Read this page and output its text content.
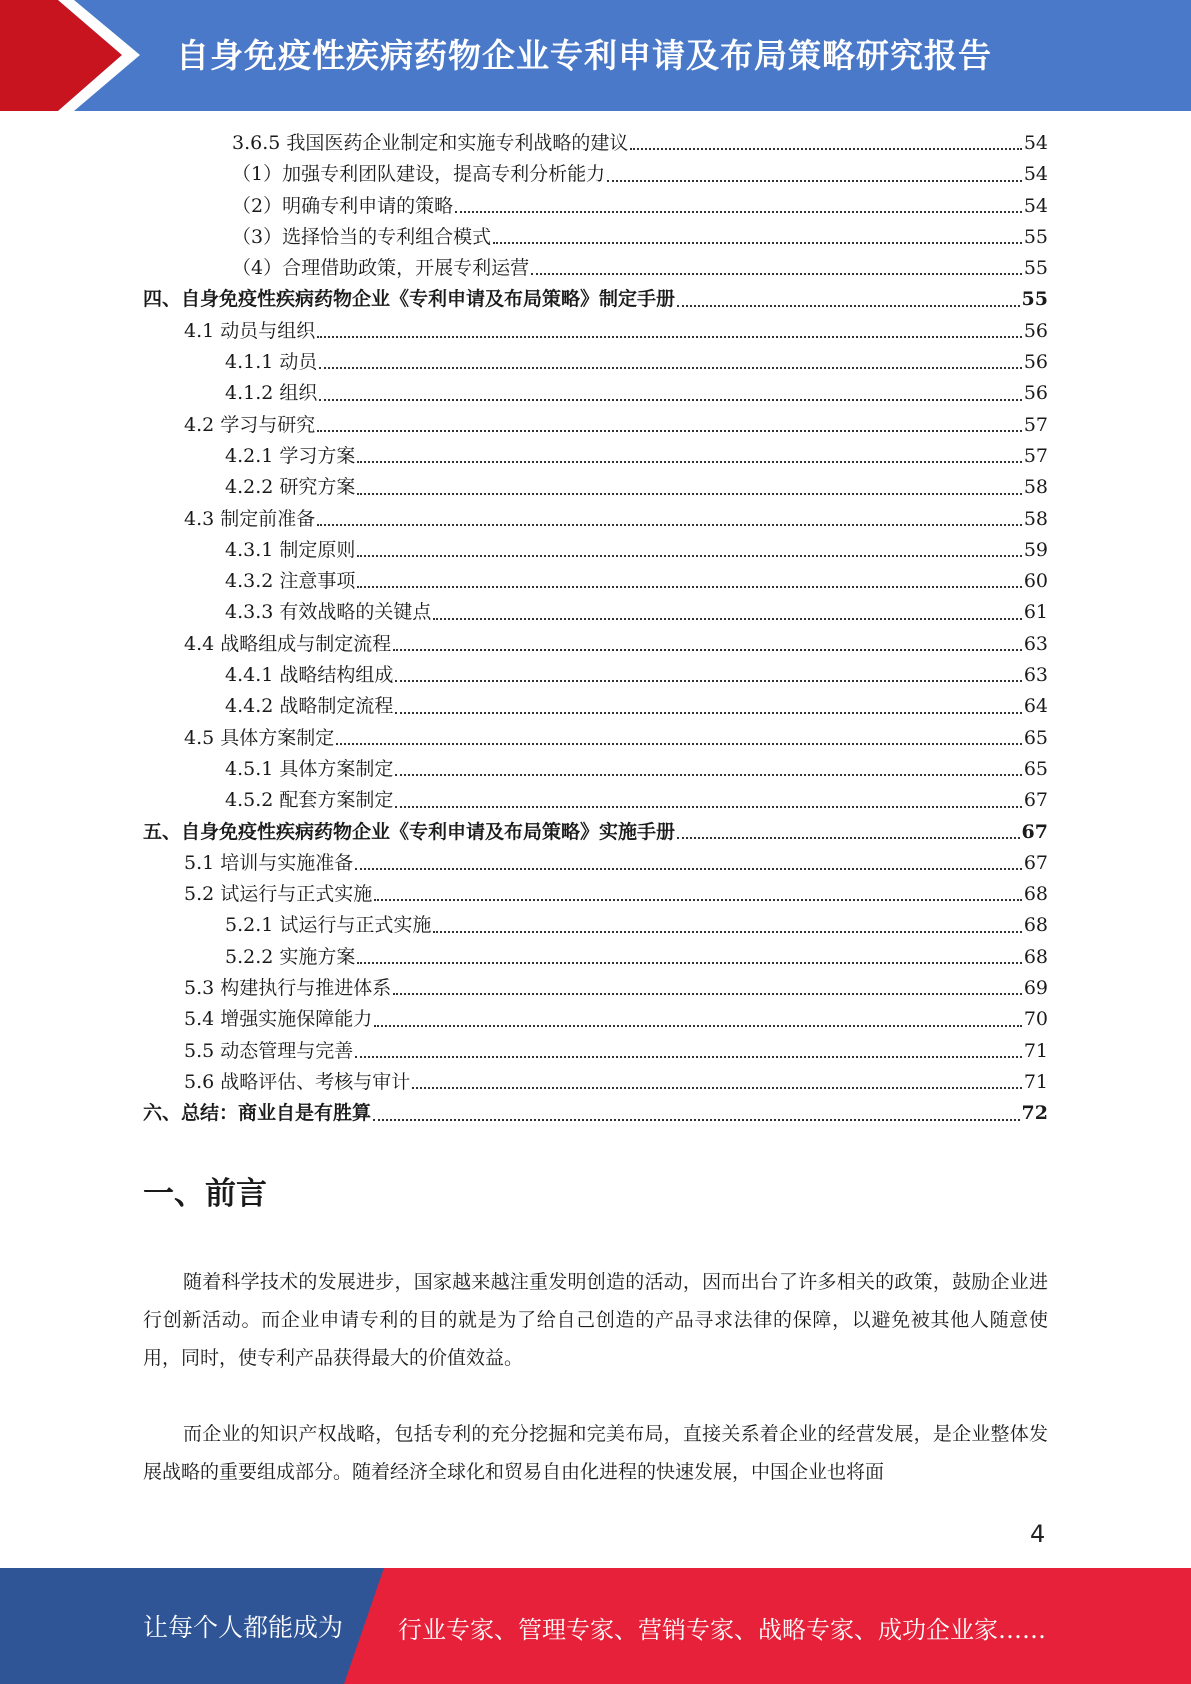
自身免疫性疾病药物企业专利申请及布局策略研究报告
3.6.5 我国医药企业制定和实施专利战略的建议	54
（1）加强专利团队建设，提高专利分析能力	54
（2）明确专利申请的策略	54
（3）选择恰当的专利组合模式	55
（4）合理借助政策，开展专利运营	55
四、自身免疫性疾病药物企业《专利申请及布局策略》制定手册	55
4.1 动员与组织	56
4.1.1 动员	56
4.1.2 组织	56
4.2 学习与研究	57
4.2.1 学习方案	57
4.2.2 研究方案	58
4.3 制定前准备	58
4.3.1 制定原则	59
4.3.2 注意事项	60
4.3.3 有效战略的关键点	61
4.4 战略组成与制定流程	63
4.4.1 战略结构组成	63
4.4.2 战略制定流程	64
4.5 具体方案制定	65
4.5.1 具体方案制定	65
4.5.2 配套方案制定	67
五、自身免疫性疾病药物企业《专利申请及布局策略》实施手册	67
5.1 培训与实施准备	67
5.2 试运行与正式实施	68
5.2.1 试运行与正式实施	68
5.2.2 实施方案	68
5.3 构建执行与推进体系	69
5.4 增强实施保障能力	70
5.5 动态管理与完善	71
5.6 战略评估、考核与审计	71
六、总结：商业自是有胜算	72
一、前言
随着科学技术的发展进步，国家越来越注重发明创造的活动，因而出台了许多相关的政策，鼓励企业进行创新活动。而企业申请专利的目的就是为了给自己创造的产品寻求法律的保障，以避免被其他人随意使用，同时，使专利产品获得最大的价值效益。
而企业的知识产权战略，包括专利的充分挖掘和完美布局，直接关系着企业的经营发展，是企业整体发展战略的重要组成部分。随着经济全球化和贸易自由化进程的快速发展，中国企业也将面
4
让每个人都能成为 行业专家、管理专家、营销专家、战略专家、成功企业家……
